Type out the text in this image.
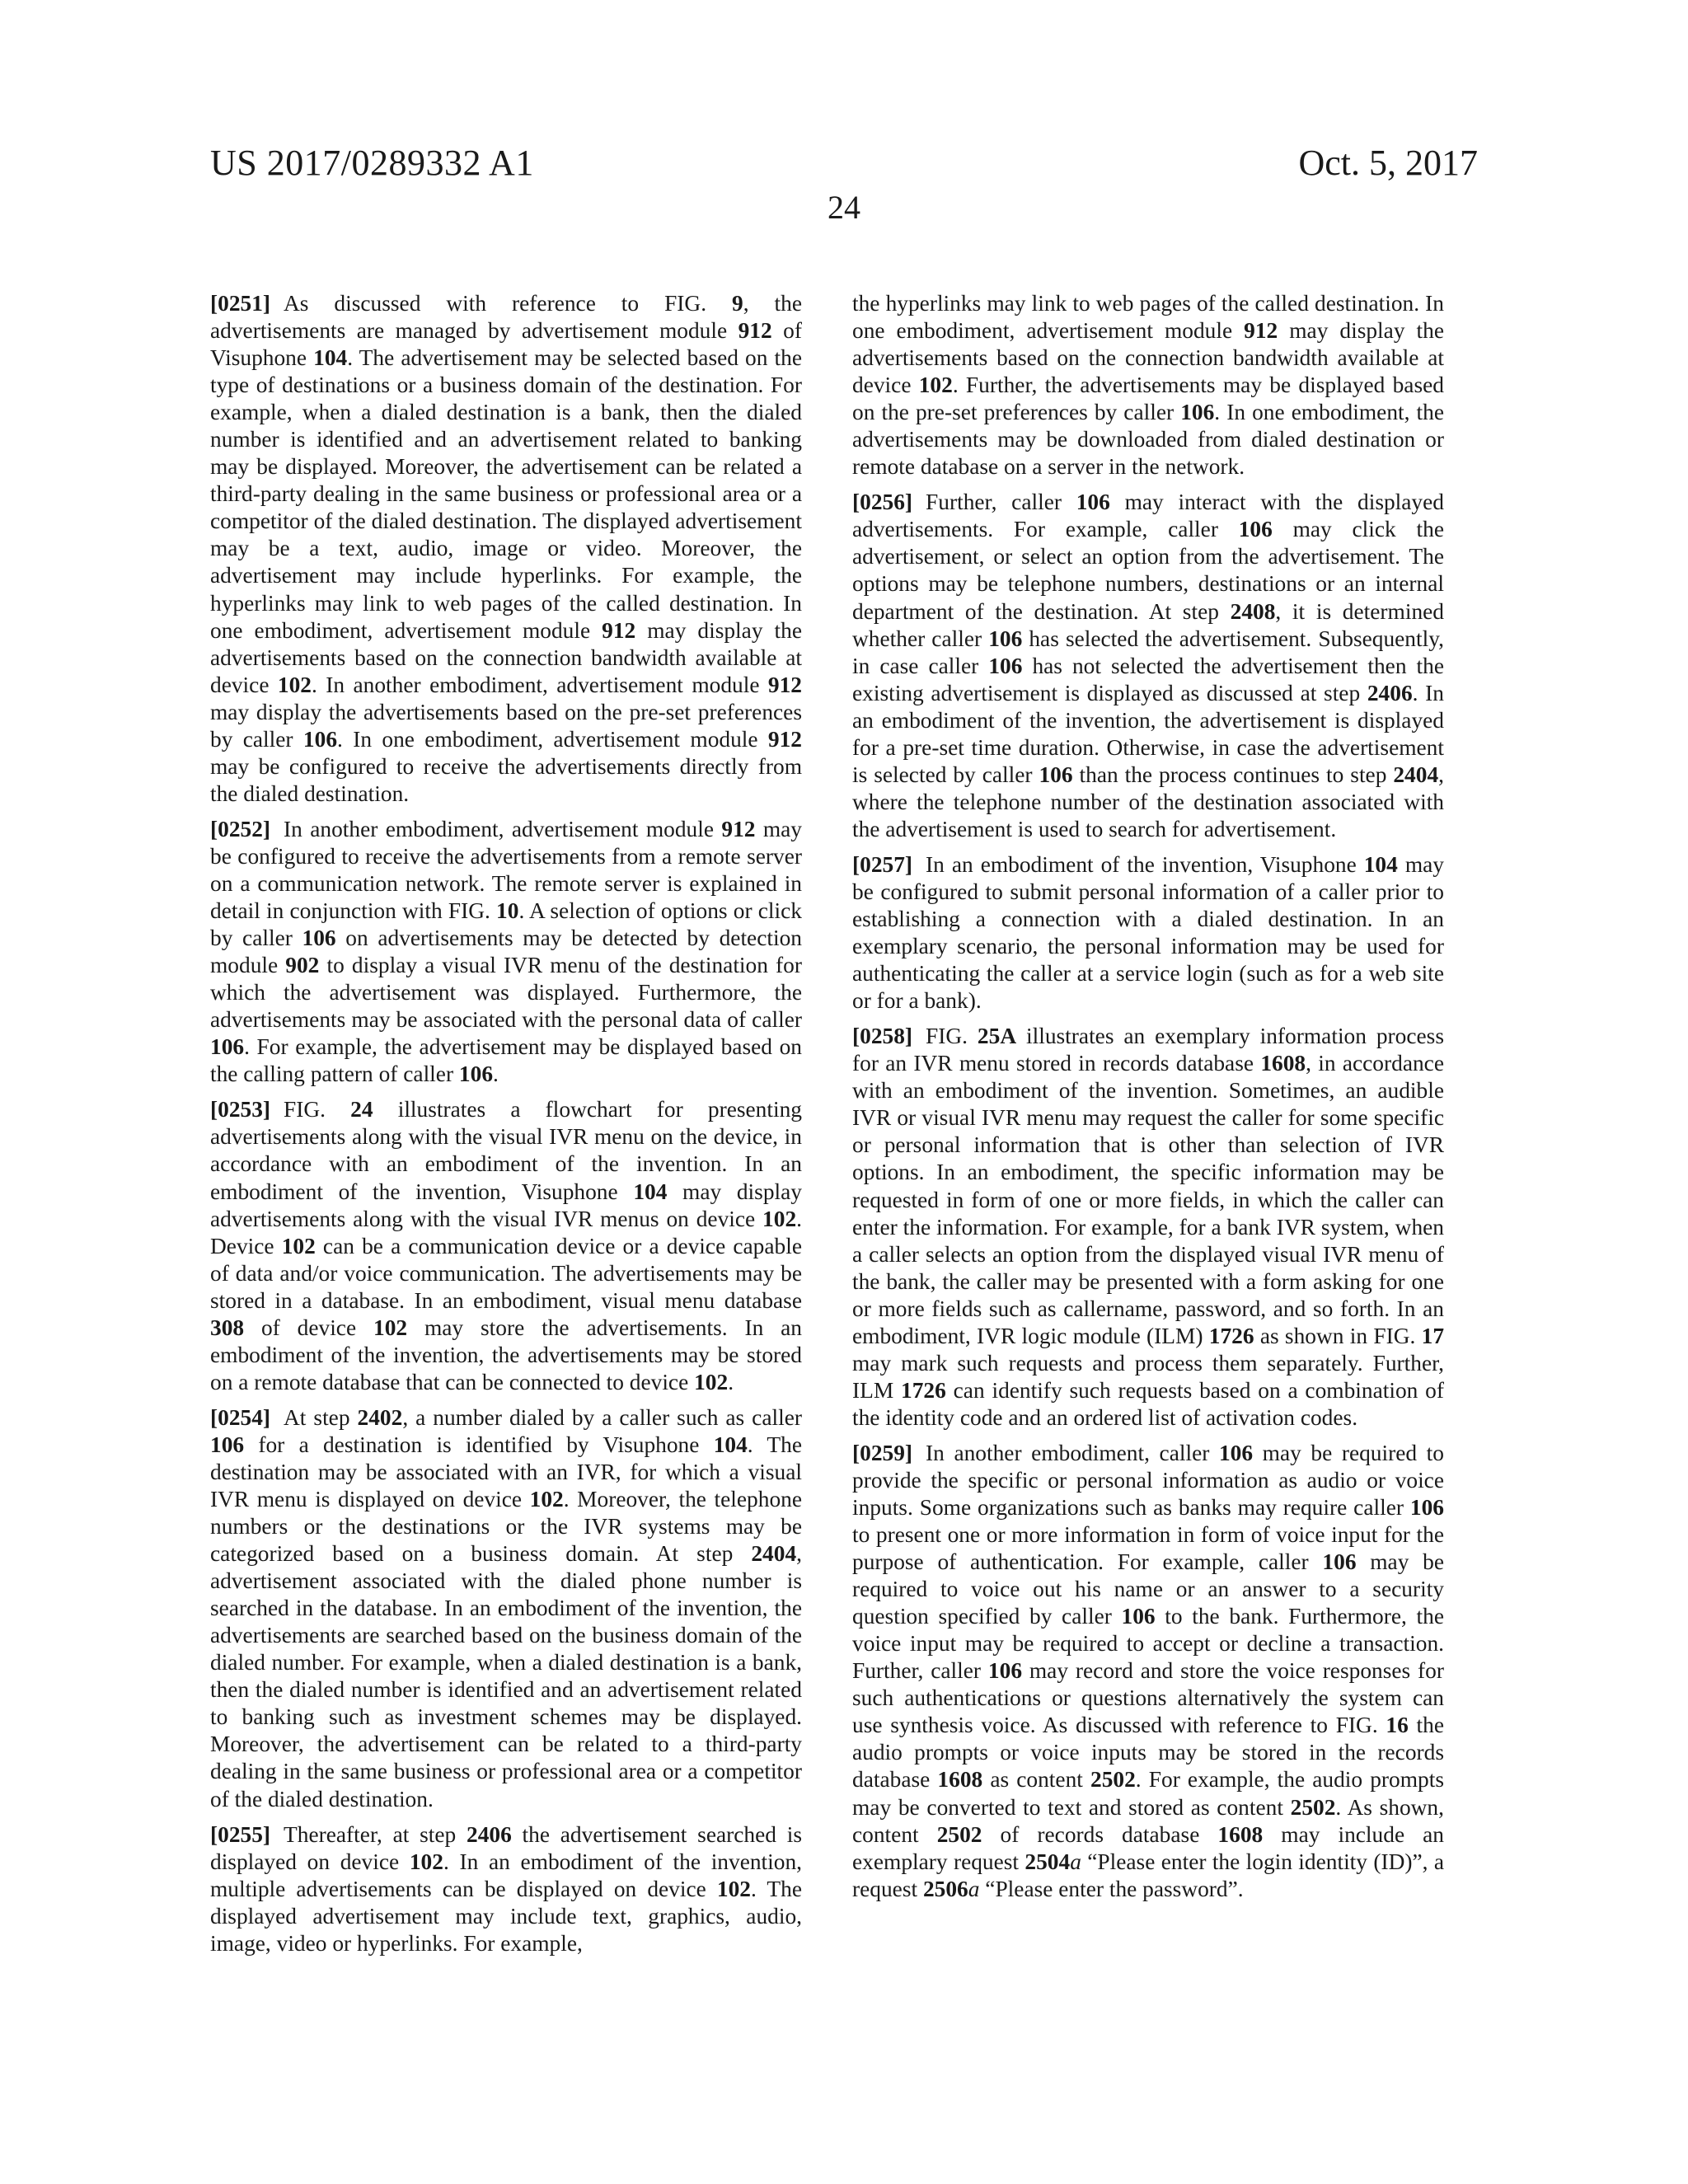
US 2017/0289332 A1	Oct. 5, 2017
24

[0251] As discussed with reference to FIG. 9, the advertisements are managed by advertisement module 912 of Visuphone 104. The advertisement may be selected based on the type of destinations or a business domain of the destination. For example, when a dialed destination is a bank, then the dialed number is identified and an advertisement related to banking may be displayed. Moreover, the advertisement can be related a third-party dealing in the same business or professional area or a competitor of the dialed destination. The displayed advertisement may be a text, audio, image or video. Moreover, the advertisement may include hyperlinks. For example, the hyperlinks may link to web pages of the called destination. In one embodiment, advertisement module 912 may display the advertisements based on the connection bandwidth available at device 102. In another embodiment, advertisement module 912 may display the advertisements based on the pre-set preferences by caller 106. In one embodiment, advertisement module 912 may be configured to receive the advertisements directly from the dialed destination.

[0252] In another embodiment, advertisement module 912 may be configured to receive the advertisements from a remote server on a communication network. The remote server is explained in detail in conjunction with FIG. 10. A selection of options or click by caller 106 on advertisements may be detected by detection module 902 to display a visual IVR menu of the destination for which the advertisement was displayed. Furthermore, the advertisements may be associated with the personal data of caller 106. For example, the advertisement may be displayed based on the calling pattern of caller 106.

[0253] FIG. 24 illustrates a flowchart for presenting advertisements along with the visual IVR menu on the device, in accordance with an embodiment of the invention. In an embodiment of the invention, Visuphone 104 may display advertisements along with the visual IVR menus on device 102. Device 102 can be a communication device or a device capable of data and/or voice communication. The advertisements may be stored in a database. In an embodiment, visual menu database 308 of device 102 may store the advertisements. In an embodiment of the invention, the advertisements may be stored on a remote database that can be connected to device 102.

[0254] At step 2402, a number dialed by a caller such as caller 106 for a destination is identified by Visuphone 104. The destination may be associated with an IVR, for which a visual IVR menu is displayed on device 102. Moreover, the telephone numbers or the destinations or the IVR systems may be categorized based on a business domain. At step 2404, advertisement associated with the dialed phone number is searched in the database. In an embodiment of the invention, the advertisements are searched based on the business domain of the dialed number. For example, when a dialed destination is a bank, then the dialed number is identified and an advertisement related to banking such as investment schemes may be displayed. Moreover, the advertisement can be related to a third-party dealing in the same business or professional area or a competitor of the dialed destination.

[0255] Thereafter, at step 2406 the advertisement searched is displayed on device 102. In an embodiment of the invention, multiple advertisements can be displayed on device 102. The displayed advertisement may include text, graphics, audio, image, video or hyperlinks. For example,

the hyperlinks may link to web pages of the called destination. In one embodiment, advertisement module 912 may display the advertisements based on the connection bandwidth available at device 102. Further, the advertisements may be displayed based on the pre-set preferences by caller 106. In one embodiment, the advertisements may be downloaded from dialed destination or remote database on a server in the network.

[0256] Further, caller 106 may interact with the displayed advertisements. For example, caller 106 may click the advertisement, or select an option from the advertisement. The options may be telephone numbers, destinations or an internal department of the destination. At step 2408, it is determined whether caller 106 has selected the advertisement. Subsequently, in case caller 106 has not selected the advertisement then the existing advertisement is displayed as discussed at step 2406. In an embodiment of the invention, the advertisement is displayed for a pre-set time duration. Otherwise, in case the advertisement is selected by caller 106 than the process continues to step 2404, where the telephone number of the destination associated with the advertisement is used to search for advertisement.

[0257] In an embodiment of the invention, Visuphone 104 may be configured to submit personal information of a caller prior to establishing a connection with a dialed destination. In an exemplary scenario, the personal information may be used for authenticating the caller at a service login (such as for a web site or for a bank).

[0258] FIG. 25A illustrates an exemplary information process for an IVR menu stored in records database 1608, in accordance with an embodiment of the invention. Sometimes, an audible IVR or visual IVR menu may request the caller for some specific or personal information that is other than selection of IVR options. In an embodiment, the specific information may be requested in form of one or more fields, in which the caller can enter the information. For example, for a bank IVR system, when a caller selects an option from the displayed visual IVR menu of the bank, the caller may be presented with a form asking for one or more fields such as callername, password, and so forth. In an embodiment, IVR logic module (ILM) 1726 as shown in FIG. 17 may mark such requests and process them separately. Further, ILM 1726 can identify such requests based on a combination of the identity code and an ordered list of activation codes.

[0259] In another embodiment, caller 106 may be required to provide the specific or personal information as audio or voice inputs. Some organizations such as banks may require caller 106 to present one or more information in form of voice input for the purpose of authentication. For example, caller 106 may be required to voice out his name or an answer to a security question specified by caller 106 to the bank. Furthermore, the voice input may be required to accept or decline a transaction. Further, caller 106 may record and store the voice responses for such authentications or questions alternatively the system can use synthesis voice. As discussed with reference to FIG. 16 the audio prompts or voice inputs may be stored in the records database 1608 as content 2502. For example, the audio prompts may be converted to text and stored as content 2502. As shown, content 2502 of records database 1608 may include an exemplary request 2504a “Please enter the login identity (ID)”, a request 2506a “Please enter the password”.
